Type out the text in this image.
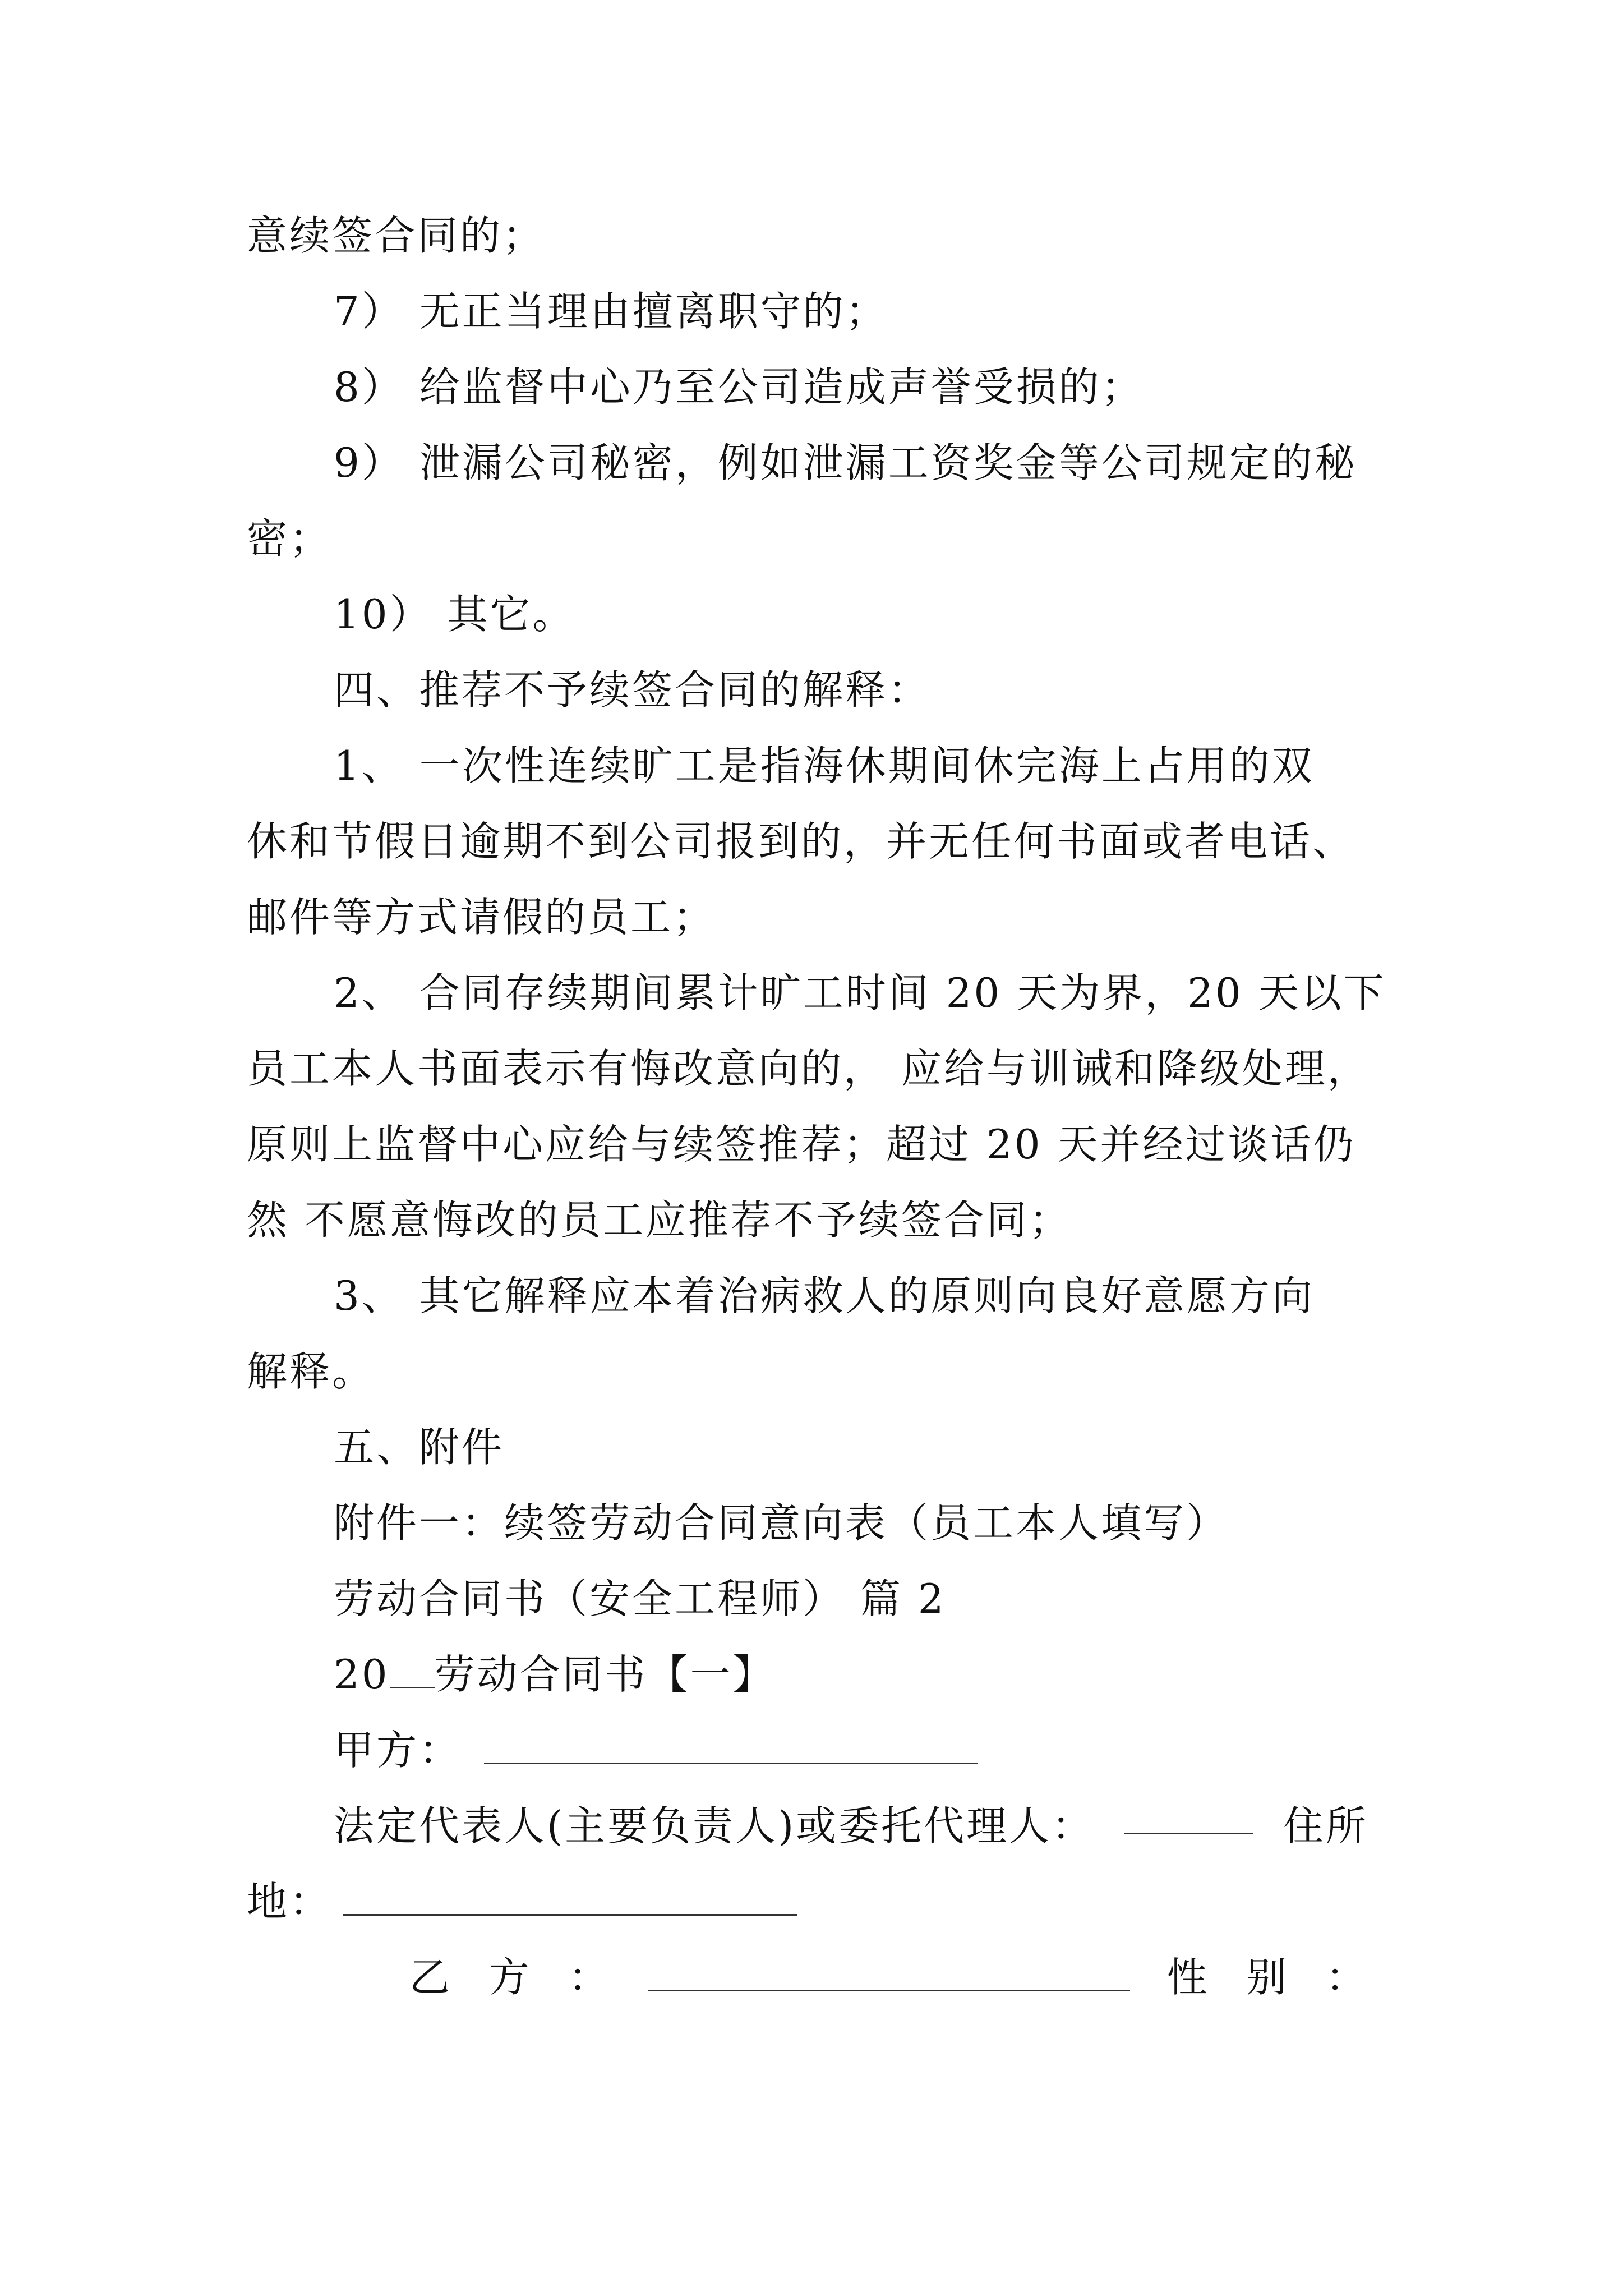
意续签合同的；
7） 无正当理由擅离职守的；
8） 给监督中心乃至公司造成声誉受损的；
9） 泄漏公司秘密，例如泄漏工资奖金等公司规定的秘
密；
10） 其它。
四、推荐不予续签合同的解释：
1、 一次性连续旷工是指海休期间休完海上占用的双
休和节假日逾期不到公司报到的，并无任何书面或者电话、
邮件等方式请假的员工；
2、 合同存续期间累计旷工时间 20 天为界，20 天以下
员工本人书面表示有悔改意向的， 应给与训诫和降级处理，
原则上监督中心应给与续签推荐；超过 20 天并经过谈话仍
然 不愿意悔改的员工应推荐不予续签合同；
3、 其它解释应本着治病救人的原则向良好意愿方向
解释。
五、附件
附件一：续签劳动合同意向表（员工本人填写）
劳动合同书（安全工程师） 篇 2
20 劳动合同书【一】
甲方：
法定代表人(主要负责人)或委托代理人：	住所
地：
乙 方 ：	性 别 ：
